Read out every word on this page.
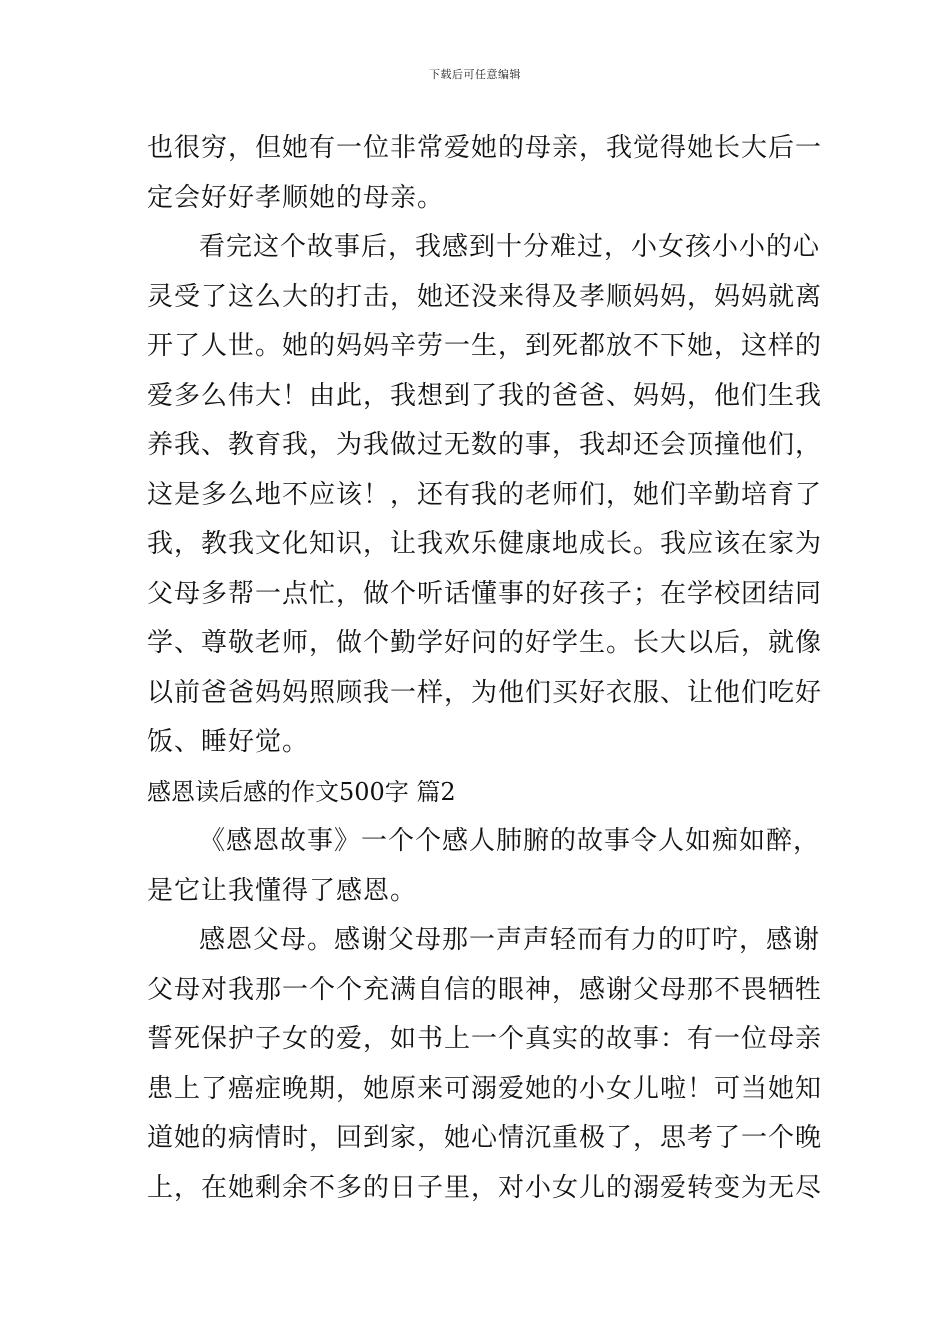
下载后可任意编辑
也很穷，但她有一位非常爱她的母亲，我觉得她长大后一
定会好好孝顺她的母亲。
看完这个故事后，我感到十分难过，小女孩小小的心
灵受了这么大的打击，她还没来得及孝顺妈妈，妈妈就离
开了人世。她的妈妈辛劳一生，到死都放不下她，这样的
爱多么伟大！由此，我想到了我的爸爸、妈妈，他们生我
养我、教育我，为我做过无数的事，我却还会顶撞他们，
这是多么地不应该！，还有我的老师们，她们辛勤培育了
我，教我文化知识，让我欢乐健康地成长。我应该在家为
父母多帮一点忙，做个听话懂事的好孩子；在学校团结同
学、尊敬老师，做个勤学好问的好学生。长大以后，就像
以前爸爸妈妈照顾我一样，为他们买好衣服、让他们吃好
饭、睡好觉。
感恩读后感的作文500字 篇2
《感恩故事》一个个感人肺腑的故事令人如痴如醉，
是它让我懂得了感恩。
感恩父母。感谢父母那一声声轻而有力的叮咛，感谢
父母对我那一个个充满自信的眼神，感谢父母那不畏牺牲
誓死保护子女的爱，如书上一个真实的故事：有一位母亲
患上了癌症晚期，她原来可溺爱她的小女儿啦！可当她知
道她的病情时，回到家，她心情沉重极了，思考了一个晚
上，在她剩余不多的日子里，对小女儿的溺爱转变为无尽
